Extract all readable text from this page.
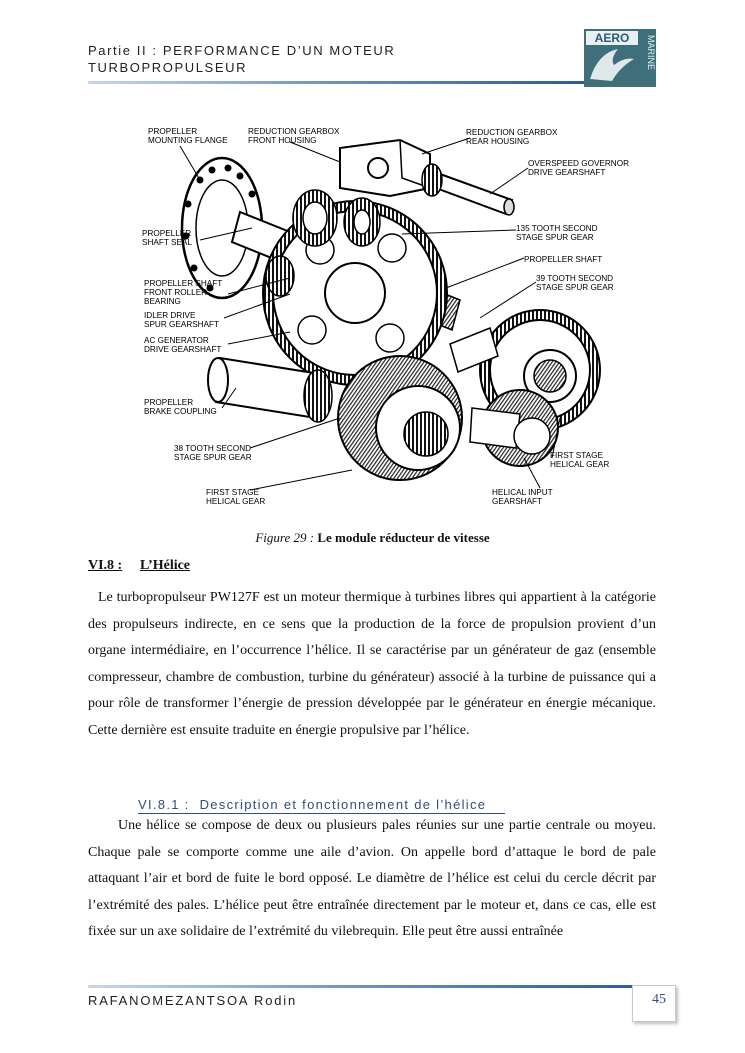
Partie II : PERFORMANCE D’UN MOTEUR
TURBOPROPULSEUR
AERO MARINE
PROPELLER
MOUNTING FLANGE
REDUCTION GEARBOX
FRONT HOUSING
REDUCTION GEARBOX
REAR HOUSING
OVERSPEED GOVERNOR
DRIVE GEARSHAFT
PROPELLER
SHAFT SEAL
135 TOOTH SECOND
STAGE SPUR GEAR
PROPELLER SHAFT
39 TOOTH SECOND
STAGE SPUR GEAR
PROPELLER SHAFT
FRONT ROLLER
BEARING
IDLER DRIVE
SPUR GEARSHAFT
AC GENERATOR
DRIVE GEARSHAFT
PROPELLER
BRAKE COUPLING
38 TOOTH SECOND
STAGE SPUR GEAR	FIRST STAGE
HELICAL GEAR
FIRST STAGE
HELICAL GEAR
HELICAL INPUT
GEARSHAFT
Figure 29 : Le module réducteur de vitesse
VI.8 : L’Hélice

Le turbopropulseur PW127F est un moteur thermique à turbines libres qui appartient à la catégorie des propulseurs indirecte, en ce sens que la production de la force de propulsion provient d’un organe intermédiaire, en l’occurrence l’hélice. Il se caractérise par un générateur de gaz (ensemble compresseur, chambre de combustion, turbine du générateur) associé à la turbine de puissance qui a pour rôle de transformer l’énergie de pression développée par le générateur en énergie mécanique. Cette dernière est ensuite traduite en énergie propulsive par l’hélice.

VI.8.1 : Description et fonctionnement de l’hélice

Une hélice se compose de deux ou plusieurs pales réunies sur une partie centrale ou moyeu. Chaque pale se comporte comme une aile d’avion. On appelle bord d’attaque le bord de pale attaquant l’air et bord de fuite le bord opposé. Le diamètre de l’hélice est celui du cercle décrit par l’extrémité des pales. L’hélice peut être entraînée directement par le moteur et, dans ce cas, elle est fixée sur un axe solidaire de l’extrémité du vilebrequin. Elle peut être aussi entraînée

RAFANOMEZANTSOA Rodin	45
